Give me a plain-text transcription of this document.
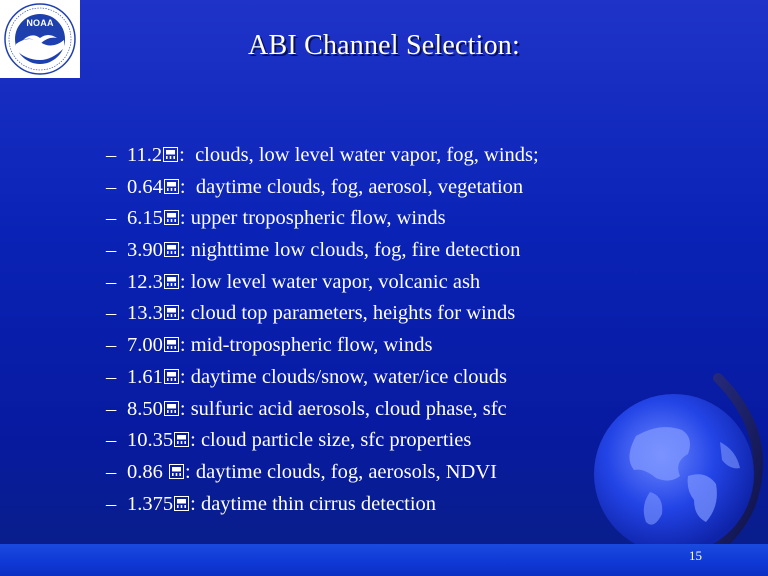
NOAA
ABI Channel Selection:
– 11.2 :  clouds, low level water vapor, fog, winds;
– 0.64 :  daytime clouds, fog, aerosol, vegetation
– 6.15 : upper tropospheric flow, winds
– 3.90 : nighttime low clouds, fog, fire detection
– 12.3 : low level water vapor, volcanic ash
– 13.3 : cloud top parameters, heights for winds
– 7.00 : mid-tropospheric flow, winds
– 1.61 : daytime clouds/snow, water/ice clouds
– 8.50 : sulfuric acid aerosols, cloud phase, sfc
– 10.35 : cloud particle size, sfc properties
– 0.86
: daytime clouds, fog, aerosols, NDVI
– 1.375 : daytime thin cirrus detection
15
